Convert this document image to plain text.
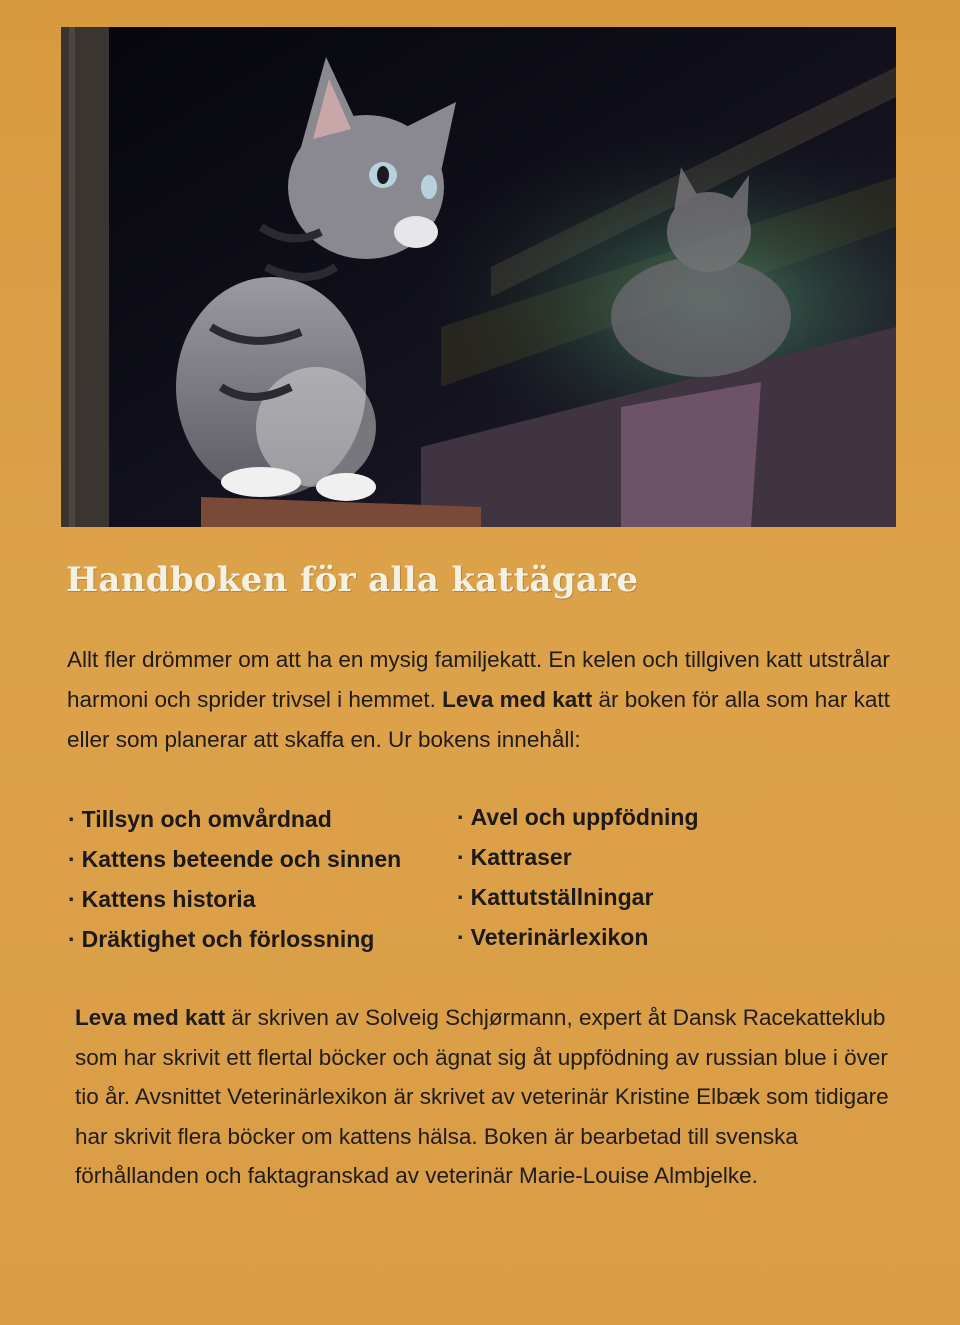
Handboken för alla kattägare

Allt fler drömmer om att ha en mysig familjekatt. En kelen och tillgiven katt utstrålar harmoni och sprider trivsel i hemmet. Leva med katt är boken för alla som har katt eller som planerar att skaffa en. Ur bokens innehåll:

· Tillsyn och omvårdnad
· Kattens beteende och sinnen
· Kattens historia
· Dräktighet och förlossning
· Avel och uppfödning
· Kattraser
· Kattutställningar
· Veterinärlexikon

Leva med katt är skriven av Solveig Schjørmann, expert åt Dansk Racekatteklub som har skrivit ett flertal böcker och ägnat sig åt uppfödning av russian blue i över tio år. Avsnittet Veterinärlexikon är skrivet av veterinär Kristine Elbæk som tidigare har skrivit flera böcker om kattens hälsa. Boken är bearbetad till svenska förhållanden och faktagranskad av veterinär Marie-Louise Almbjelke.
